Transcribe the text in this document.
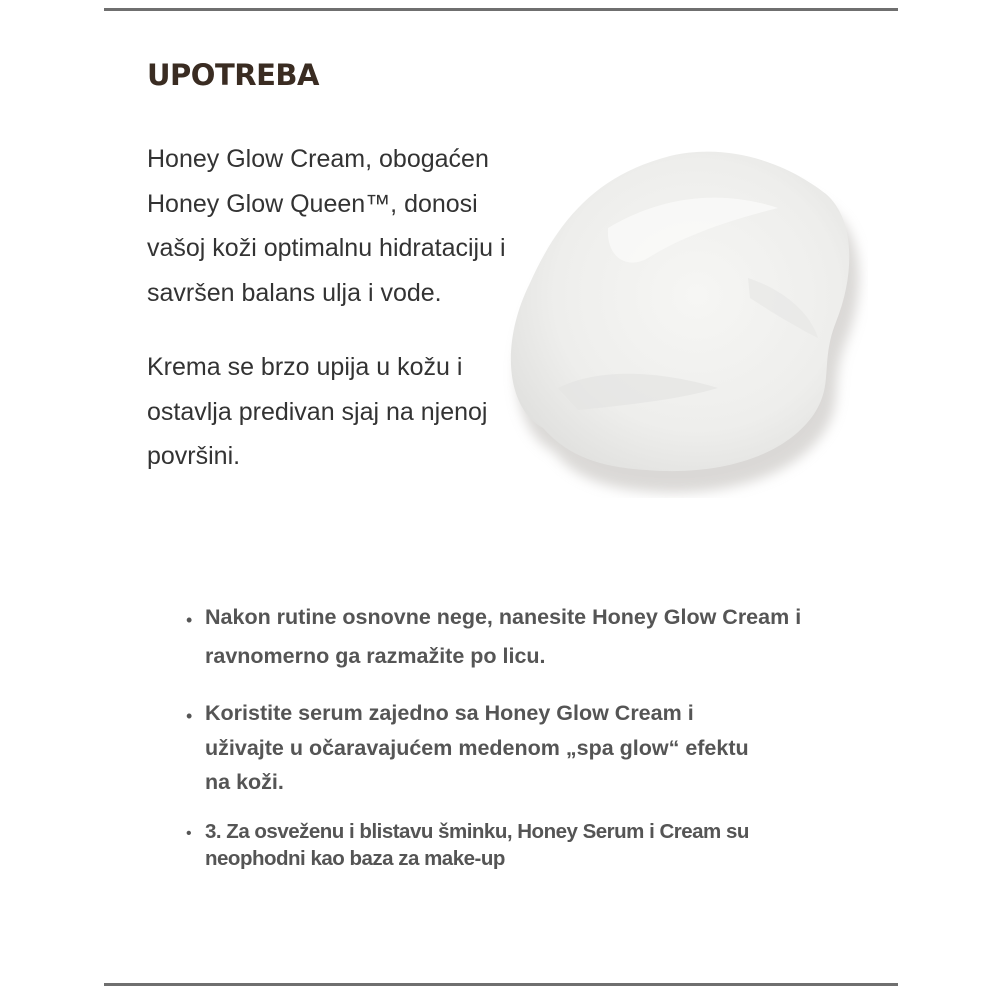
UPOTREBA

Honey Glow Cream, obogaćen Honey Glow Queen™, donosi vašoj koži optimalnu hidrataciju i savršen balans ulja i vode.

Krema se brzo upija u kožu i ostavlja predivan sjaj na njenoj površini.

• Nakon rutine osnovne nege, nanesite Honey Glow Cream i ravnomerno ga razmažite po licu.
• Koristite serum zajedno sa Honey Glow Cream i uživajte u očaravajućem medenom „spa glow“ efektu na koži.
• 3. Za osveženu i blistavu šminku, Honey Serum i Cream su neophodni kao baza za make-up
